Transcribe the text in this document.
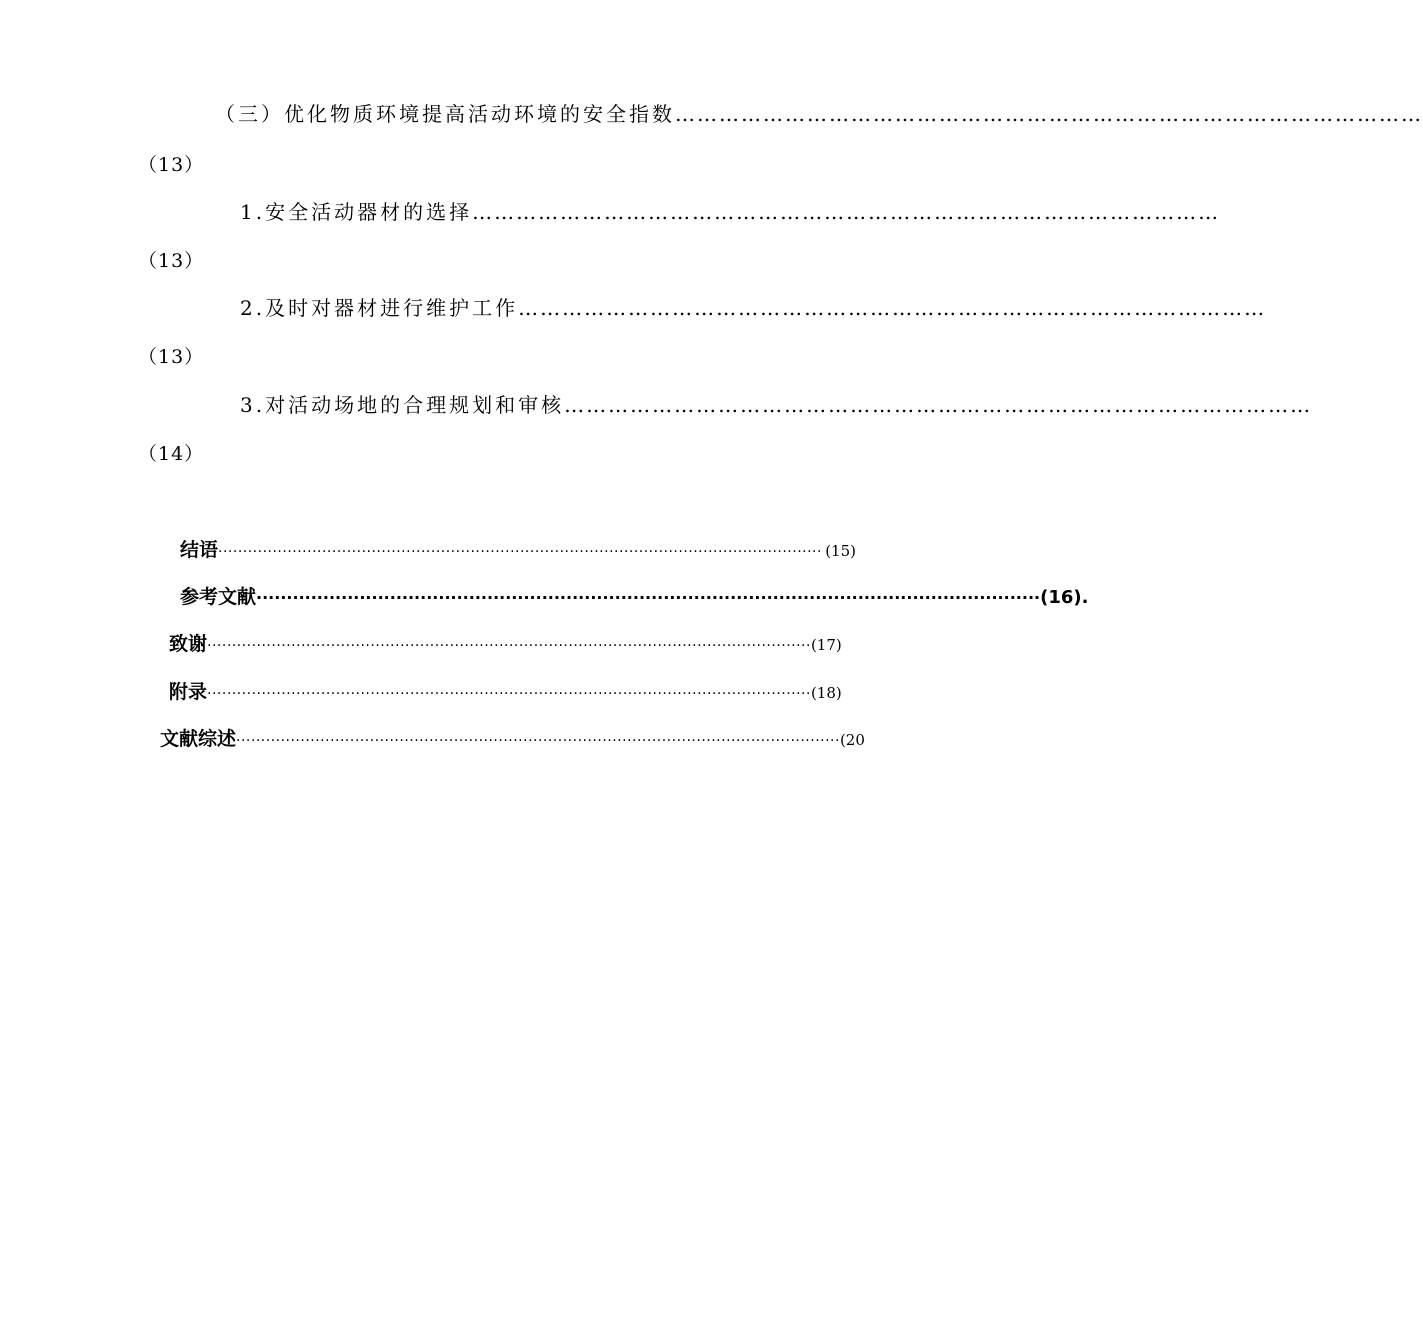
（三）优化物质环境提高活动环境的安全指数 …………………………………………………………………………………………
（13）
1.安全活动器材的选择 …………………………………………………………………………………………
（13）
2.及时对器材进行维护工作 …………………………………………………………………………………………
（13）
3.对活动场地的合理规划和审核 …………………………………………………………………………………………
（14）
结语 ·························································································································· (15)
参考文献 ································································································································· (16).
致谢 ·························································································································· (17)
附录 ·························································································································· (18)
文献综述 ·························································································································· (20
